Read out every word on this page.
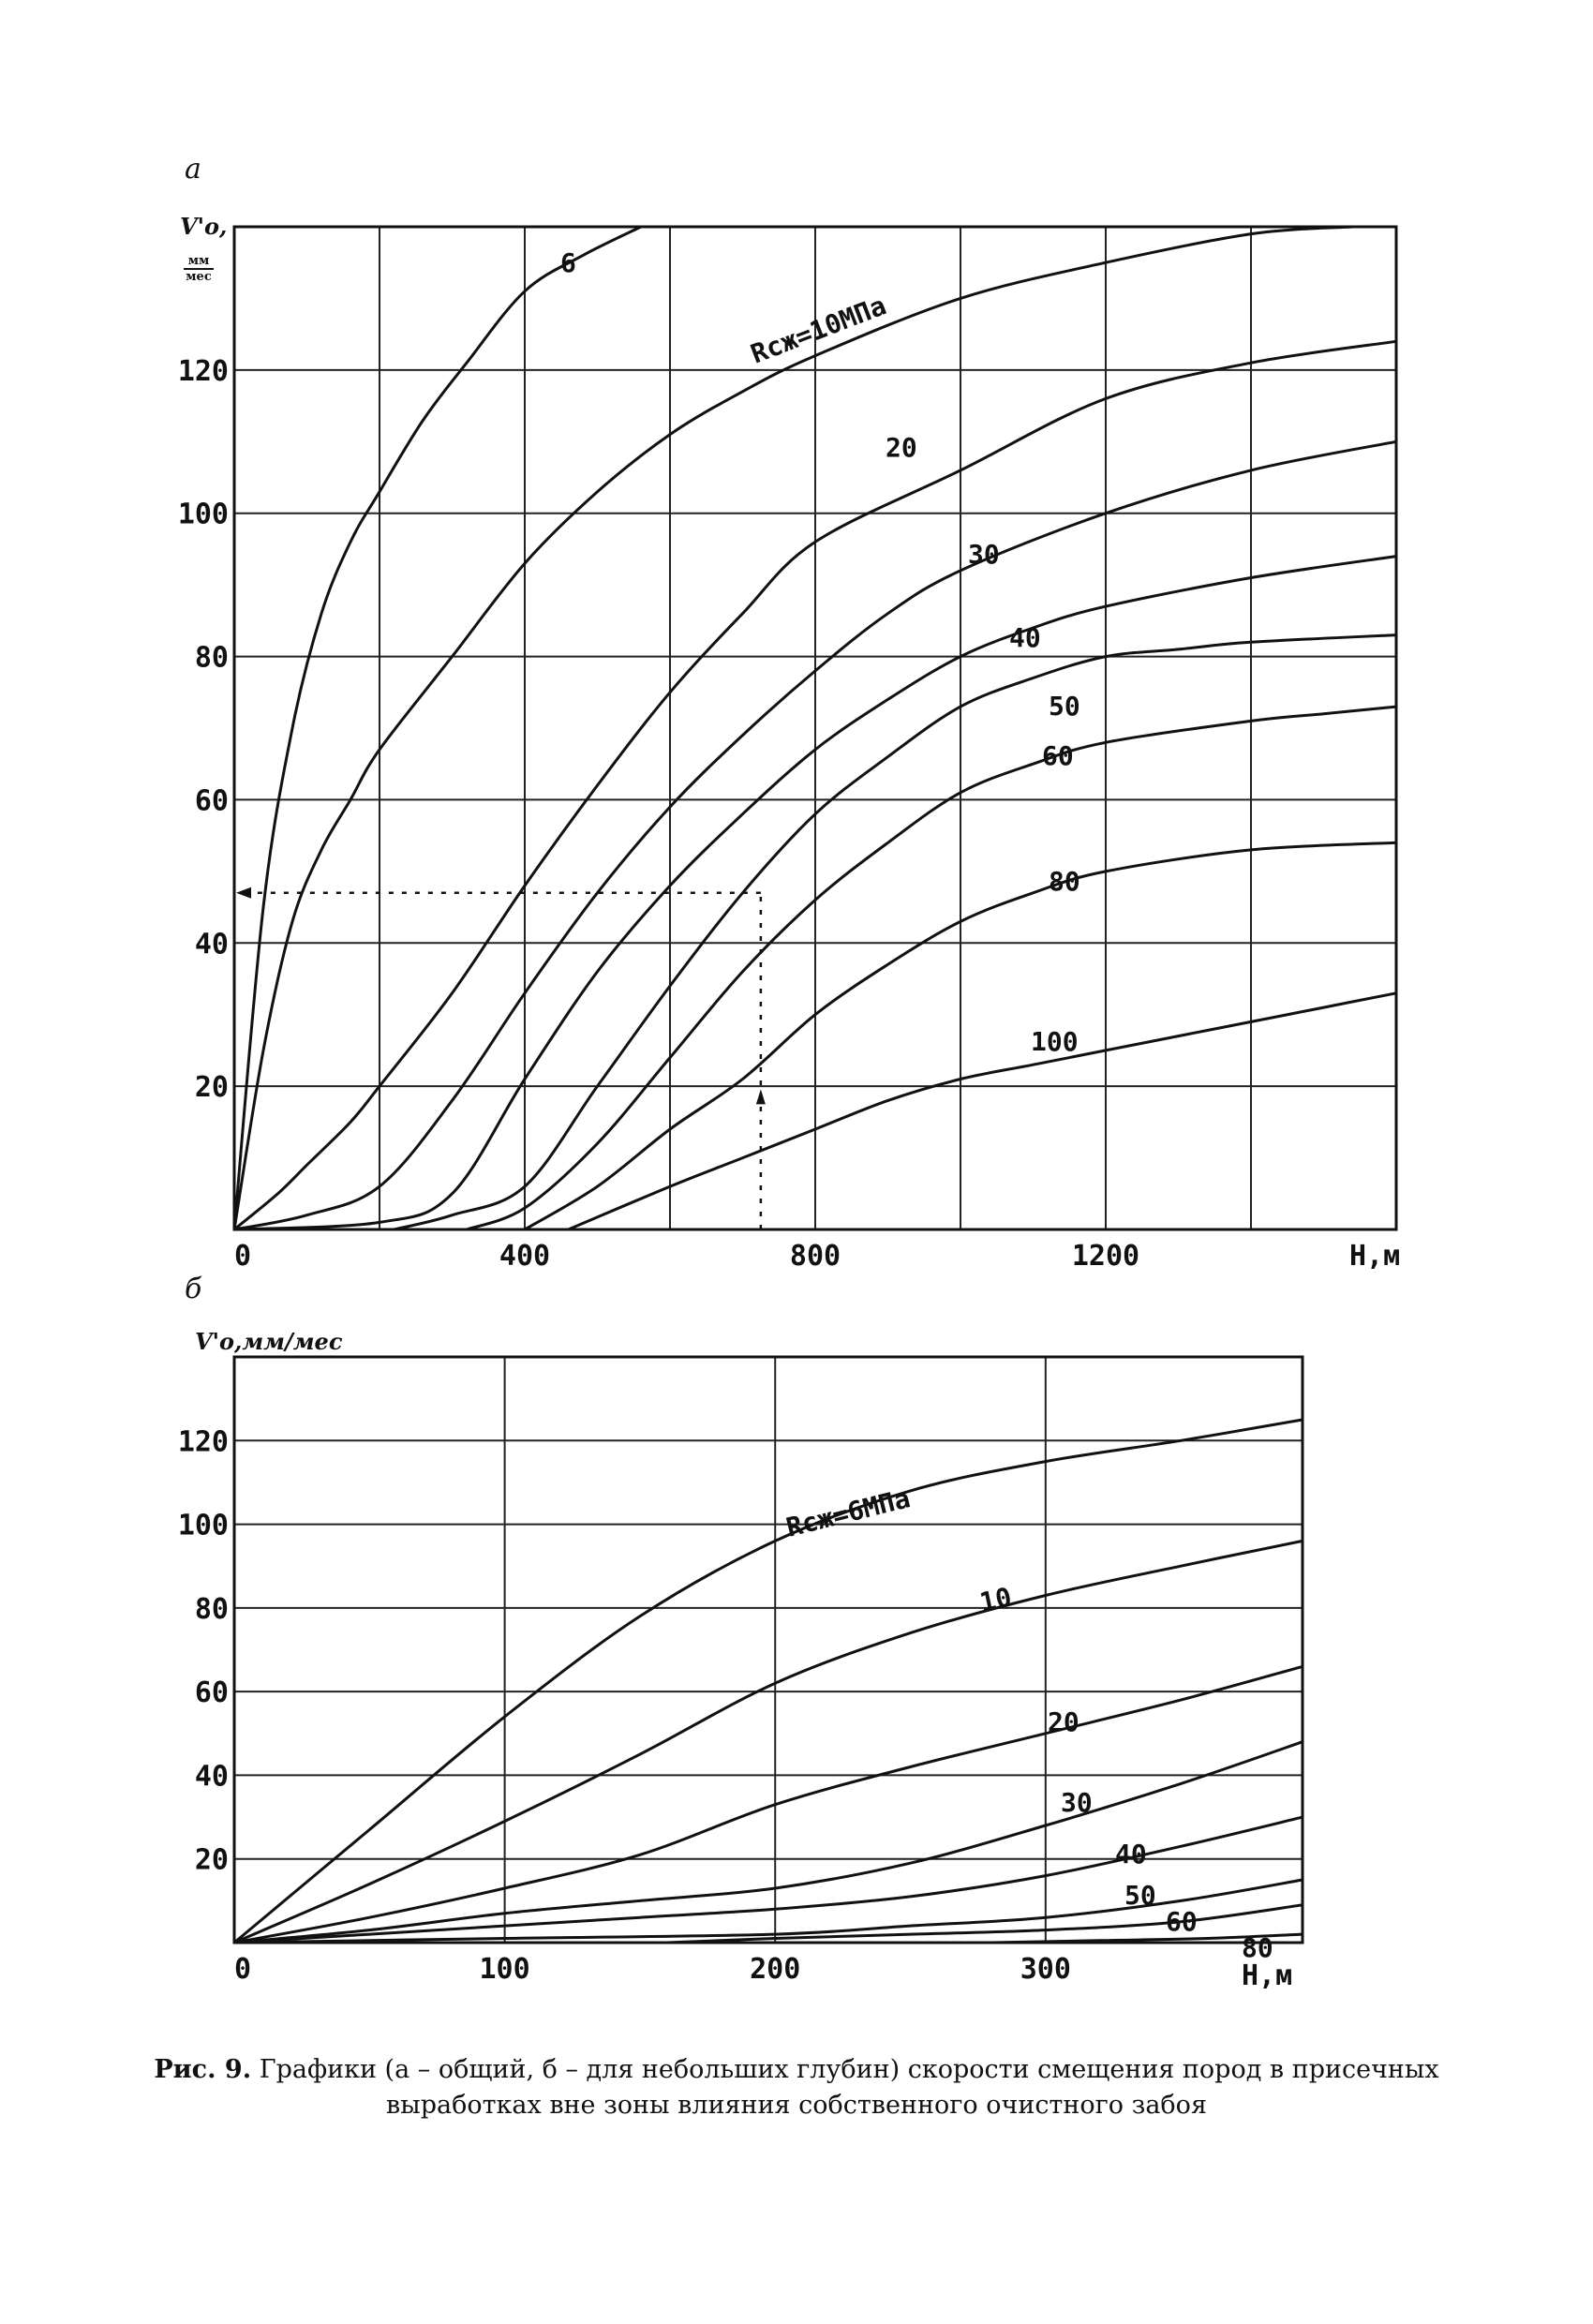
а
V'o,
мм
мес
0	400	800	1200
20
40
60
80
100
120
6
Rсж=10МПа
20
30
40
50
60
80
100
H,м
б
V'o,мм/мес
0	100	200	300
20
40
60
80
100
120
Rсж=6МПа
10
20
30
40
50
60
80
H,м
Рис. 9. Графики (а – общий, б – для небольших глубин) скорости смещения пород в присечных выработках вне зоны влияния собственного очистного забоя
